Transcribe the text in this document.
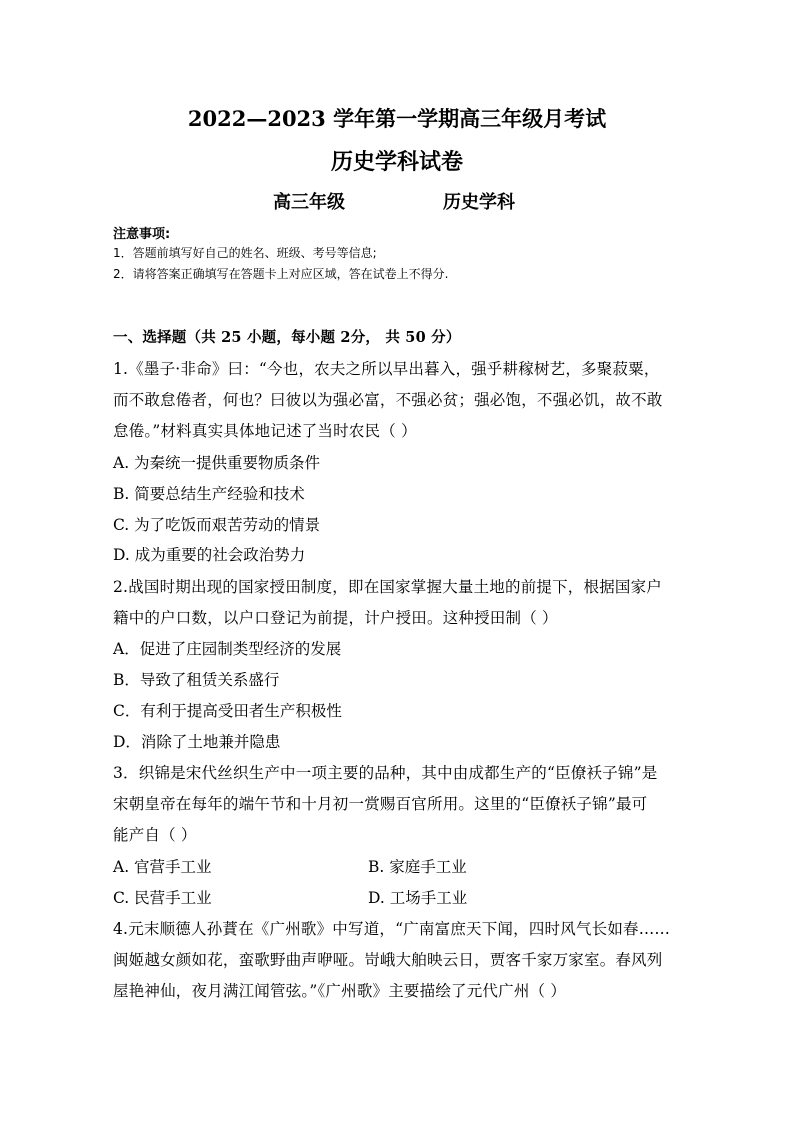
2022—2023 学年第一学期高三年级月考试
历史学科试卷
高三年级	历史学科
注意事项:
1．答题前填写好自己的姓名、班级、考号等信息;
2．请将答案正确填写在答题卡上对应区域，答在试卷上不得分.
一、选择题（共 25 小题，每小题 2分， 共 50 分）
1.《墨子·非命》曰：“今也，农夫之所以早出暮入，强乎耕稼树艺，多聚菽粟，
而不敢怠倦者，何也？曰彼以为强必富，不强必贫；强必饱，不强必饥，故不敢
怠倦。”材料真实具体地记述了当时农民（ ）
A. 为秦统一提供重要物质条件
B. 简要总结生产经验和技术
C. 为了吃饭而艰苦劳动的情景
D. 成为重要的社会政治势力
2.战国时期出现的国家授田制度，即在国家掌握大量土地的前提下，根据国家户
籍中的户口数，以户口登记为前提，计户授田。这种授田制（ ）
A．促进了庄园制类型经济的发展
B．导致了租赁关系盛行
C．有利于提高受田者生产积极性
D．消除了土地兼并隐患
3．织锦是宋代丝织生产中一项主要的品种，其中由成都生产的“臣僚袄子锦”是
宋朝皇帝在每年的端午节和十月初一赏赐百官所用。这里的“臣僚袄子锦”最可
能产自（ ）
A. 官营手工业	B. 家庭手工业
C. 民营手工业	D. 工场手工业
4.元末顺德人孙蕡在《广州歌》中写道，“广南富庶天下闻，四时风气长如春……
闽姬越女颜如花，蛮歌野曲声咿哑。岢峨大舶映云日，贾客千家万家室。春风列
屋艳神仙，夜月满江闻管弦。”《广州歌》主要描绘了元代广州（ ）
